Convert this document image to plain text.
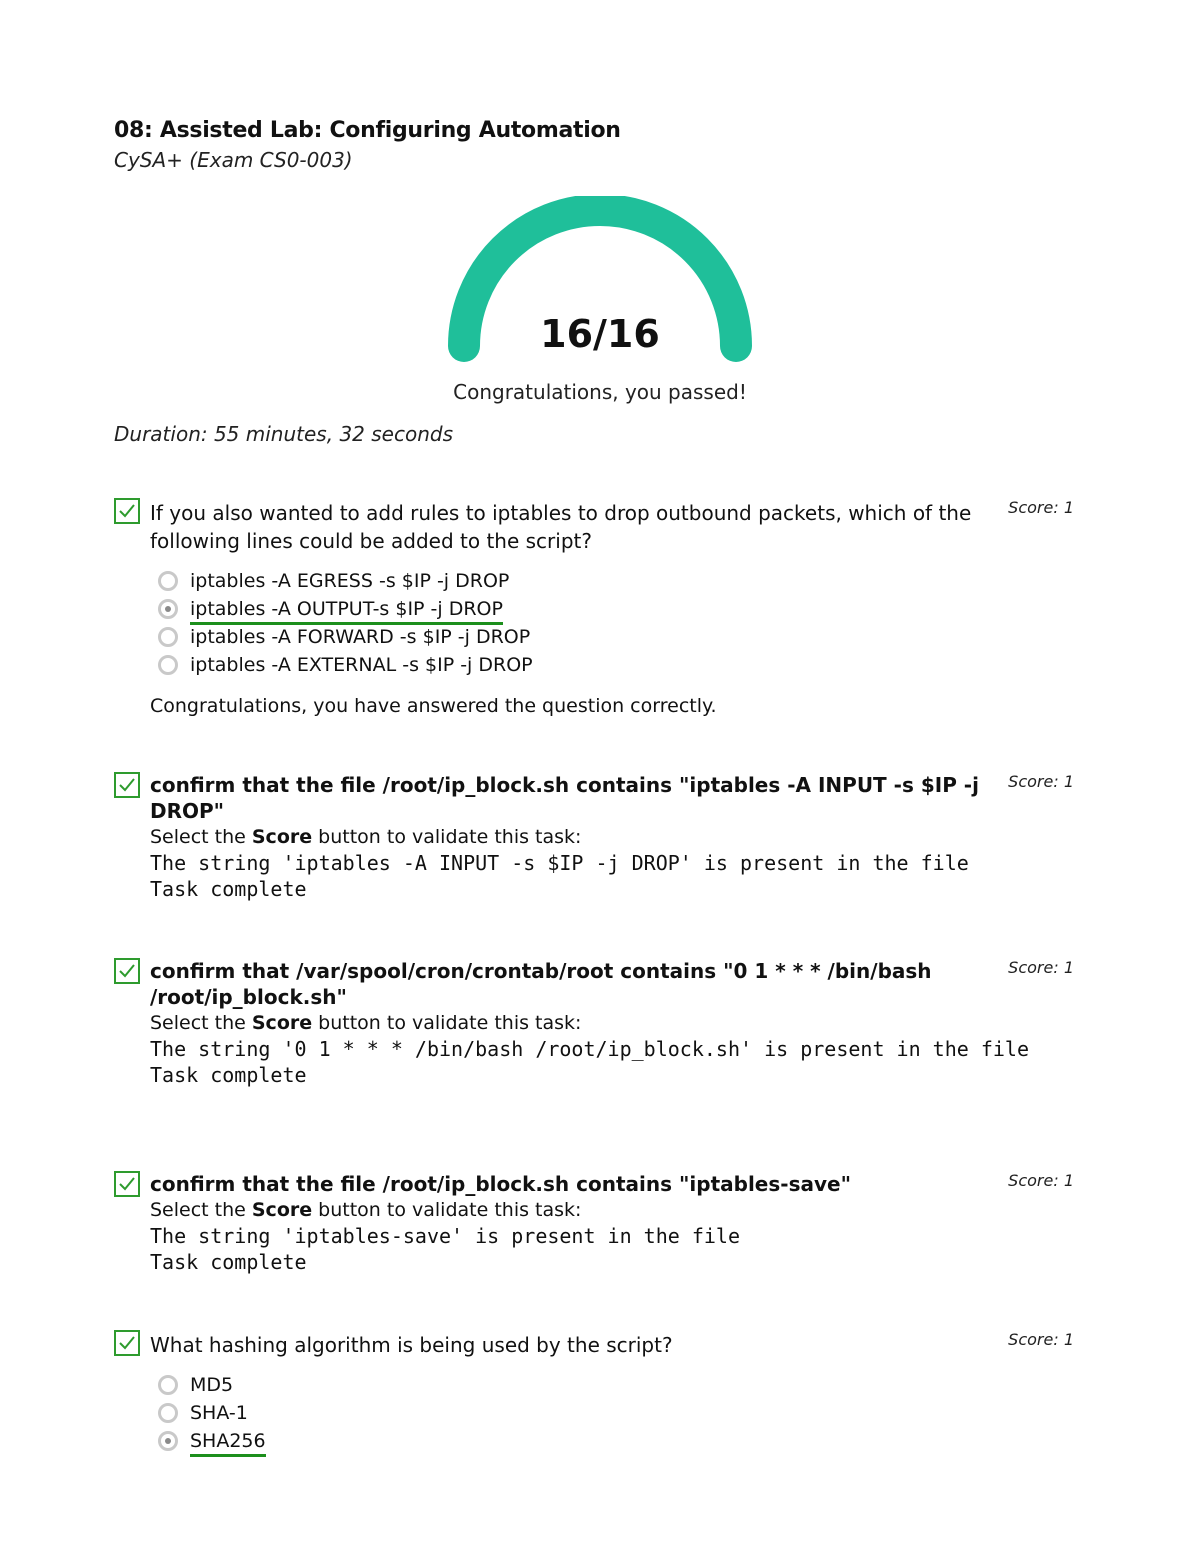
08: Assisted Lab: Configuring Automation
CySA+ (Exam CS0-003)
16/16
Congratulations, you passed!
Duration: 55 minutes, 32 seconds
If you also wanted to add rules to iptables to drop outbound packets, which of the following lines could be added to the script?
iptables -A EGRESS -s $IP -j DROP
iptables -A OUTPUT-s $IP -j DROP
iptables -A FORWARD -s $IP -j DROP
iptables -A EXTERNAL -s $IP -j DROP
Congratulations, you have answered the question correctly.
Score: 1
confirm that the file /root/ip_block.sh contains "iptables -A INPUT -s $IP -j DROP"
Select the Score button to validate this task:
The string 'iptables -A INPUT -s $IP -j DROP' is present in the file
Task complete
Score: 1
confirm that /var/spool/cron/crontab/root contains "0 1 * * * /bin/bash /root/ip_block.sh"
Select the Score button to validate this task:
The string '0 1 * * * /bin/bash /root/ip_block.sh' is present in the file
Task complete
Score: 1
confirm that the file /root/ip_block.sh contains "iptables-save"
Select the Score button to validate this task:
The string 'iptables-save' is present in the file
Task complete
Score: 1
What hashing algorithm is being used by the script?
MD5
SHA-1
SHA256
Score: 1
